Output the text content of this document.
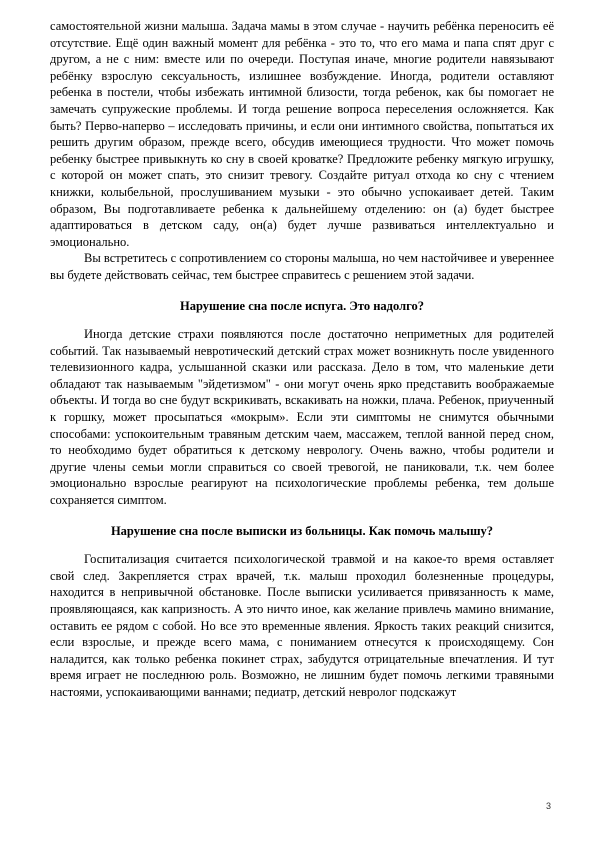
самостоятельной жизни малыша. Задача мамы в этом случае - научить ребёнка переносить её отсутствие. Ещё один важный момент для ребёнка - это то, что его мама и папа спят друг с другом, а не с ним: вместе или по очереди. Поступая иначе, многие родители навязывают ребёнку взрослую сексуальность, излишнее возбуждение. Иногда, родители оставляют ребенка в постели, чтобы избежать интимной близости, тогда ребенок, как бы помогает не замечать супружеские проблемы. И тогда решение вопроса переселения осложняется. Как быть? Перво-наперво – исследовать причины, и если они интимного свойства, попытаться их решить другим образом, прежде всего, обсудив имеющиеся трудности. Что может помочь ребенку быстрее привыкнуть ко сну в своей кроватке? Предложите ребенку мягкую игрушку, с которой он может спать, это снизит тревогу. Создайте ритуал отхода ко сну с чтением книжки, колыбельной, прослушиванием музыки - это обычно успокаивает детей. Таким образом, Вы подготавливаете ребенка к дальнейшему отделению: он (а) будет быстрее адаптироваться в детском саду, он(а) будет лучше развиваться интеллектуально и эмоционально.

Вы встретитесь с сопротивлением со стороны малыша, но чем настойчивее и увереннее вы будете действовать сейчас, тем быстрее справитесь с решением этой задачи.

Нарушение сна после испуга. Это надолго?

Иногда детские страхи появляются после достаточно неприметных для родителей событий. Так называемый невротический детский страх может возникнуть после увиденного телевизионного кадра, услышанной сказки или рассказа. Дело в том, что маленькие дети обладают так называемым "эйдетизмом" - они могут очень ярко представить воображаемые объекты. И тогда во сне будут вскрикивать, вскакивать на ножки, плача. Ребенок, приученный к горшку, может просыпаться «мокрым». Если эти симптомы не снимутся обычными способами: успокоительным травяным детским чаем, массажем, теплой ванной перед сном, то необходимо будет обратиться к детскому неврологу. Очень важно, чтобы родители и другие члены семьи могли справиться со своей тревогой, не паниковали, т.к. чем более эмоционально взрослые реагируют на психологические проблемы ребенка, тем дольше сохраняется симптом.

Нарушение сна после выписки из больницы. Как помочь малышу?

Госпитализация считается психологической травмой и на какое-то время оставляет свой след. Закрепляется страх врачей, т.к. малыш проходил болезненные процедуры, находится в непривычной обстановке. После выписки усиливается привязанность к маме, проявляющаяся, как капризность. А это ничто иное, как желание привлечь мамино внимание, оставить ее рядом с собой. Но все это временные явления. Яркость таких реакций снизится, если взрослые, и прежде всего мама, с пониманием отнесутся к происходящему. Сон наладится, как только ребенка покинет страх, забудутся отрицательные впечатления. И тут время играет не последнюю роль. Возможно, не лишним будет помочь легкими травяными настоями, успокаивающими ваннами; педиатр, детский невролог подскажут

3
